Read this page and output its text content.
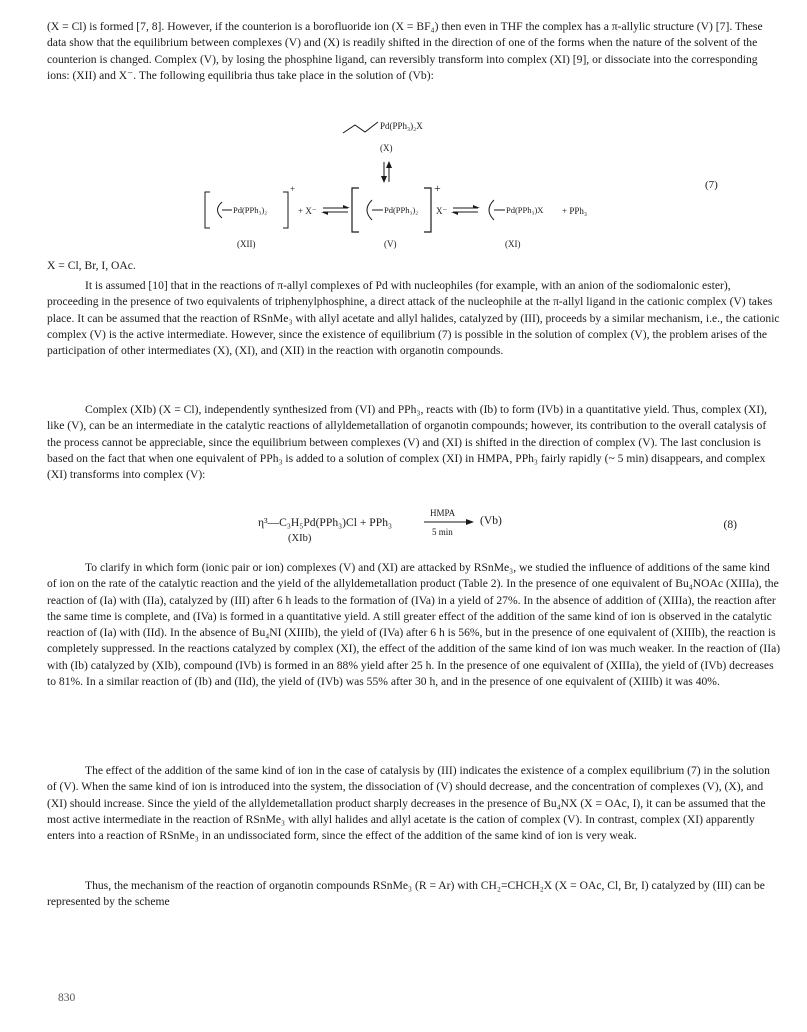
(X = Cl) is formed [7, 8]. However, if the counterion is a borofluoride ion (X = BF₄) then even in THF the complex has a π-allylic structure (V) [7]. These data show that the equilibrium between complexes (V) and (X) is readily shifted in the direction of one of the forms when the nature of the solvent of the counterion is changed. Complex (V), by losing the phosphine ligand, can reversibly transform into complex (XI) [9], or dissociate into the corresponding ions: (XII) and X⁻. The following equilibria thus take place in the solution of (Vb):

Pd(PPh₃)₂X
(X)
Pd(PPh₃)₂
+
+ X⁻
(XII)
Pd(PPh₃)₂
+
X⁻
(V)
Pd(PPh₃)X + PPh₃
(XI)
(7)

X = Cl, Br, I, OAc.

It is assumed [10] that in the reactions of π-allyl complexes of Pd with nucleophiles (for example, with an anion of the sodiomalonic ester), proceeding in the presence of two equivalents of triphenylphosphine, a direct attack of the nucleophile at the π-allyl ligand in the cationic complex (V) takes place. It can be assumed that the reaction of RSnMe₃ with allyl acetate and allyl halides, catalyzed by (III), proceeds by a similar mechanism, i.e., the cationic complex (V) is the active intermediate. However, since the existence of equilibrium (7) is possible in the solution of complex (V), the problem arises of the participation of other intermediates (X), (XI), and (XII) in the reaction with organotin compounds.

Complex (XIb) (X = Cl), independently synthesized from (VI) and PPh₃, reacts with (Ib) to form (IVb) in a quantitative yield. Thus, complex (XI), like (V), can be an intermediate in the catalytic reactions of allyldemetallation of organotin compounds; however, its contribution to the overall catalysis of the process cannot be appreciable, since the equilibrium between complexes (V) and (XI) is shifted in the direction of complex (V). The last conclusion is based on the fact that when one equivalent of PPh₃ is added to a solution of complex (XI) in HMPA, PPh₃ fairly rapidly (~ 5 min) disappears, and complex (XI) transforms into complex (V):

η³—C₃H₅Pd(PPh₃)Cl + PPh₃
(XIb)
HMPA
5 min
(Vb)	(8)

To clarify in which form (ionic pair or ion) complexes (V) and (XI) are attacked by RSnMe₃, we studied the influence of additions of the same kind of ion on the rate of the catalytic reaction and the yield of the allyldemetallation product (Table 2). In the presence of one equivalent of Bu₄NOAc (XIIIa), the reaction of (Ia) with (IIa), catalyzed by (III) after 6 h leads to the formation of (IVa) in a yield of 27%. In the absence of addition of (XIIIa), the reaction after the same time is complete, and (IVa) is formed in a quantitative yield. A still greater effect of the addition of the same kind of ion is observed in the catalytic reaction of (Ia) with (IId). In the absence of Bu₄NI (XIIIb), the yield of (IVa) after 6 h is 56%, but in the presence of one equivalent of (XIIIb), the reaction is completely suppressed. In the reactions catalyzed by complex (XI), the effect of the addition of the same kind of ion was much weaker. In the reaction of (IIa) with (Ib) catalyzed by (XIb), compound (IVb) is formed in an 88% yield after 25 h. In the presence of one equivalent of (XIIIa), the yield of (IVb) decreases to 81%. In a similar reaction of (Ib) and (IId), the yield of (IVb) was 55% after 30 h, and in the presence of one equivalent of (XIIIb) it was 40%.

The effect of the addition of the same kind of ion in the case of catalysis by (III) indicates the existence of a complex equilibrium (7) in the solution of (V). When the same kind of ion is introduced into the system, the dissociation of (V) should decrease, and the concentration of complexes (V), (X), and (XI) should increase. Since the yield of the allyldemetallation product sharply decreases in the presence of Bu₄NX (X = OAc, I), it can be assumed that the most active intermediate in the reaction of RSnMe₃ with allyl halides and allyl acetate is the cation of complex (V). In contrast, complex (XI) apparently enters into a reaction of RSnMe₃ in an undissociated form, since the effect of the addition of the same kind of ion is very weak.

Thus, the mechanism of the reaction of organotin compounds RSnMe₃ (R = Ar) with CH₂=CHCH₂X (X = OAc, Cl, Br, I) catalyzed by (III) can be represented by the scheme

830
